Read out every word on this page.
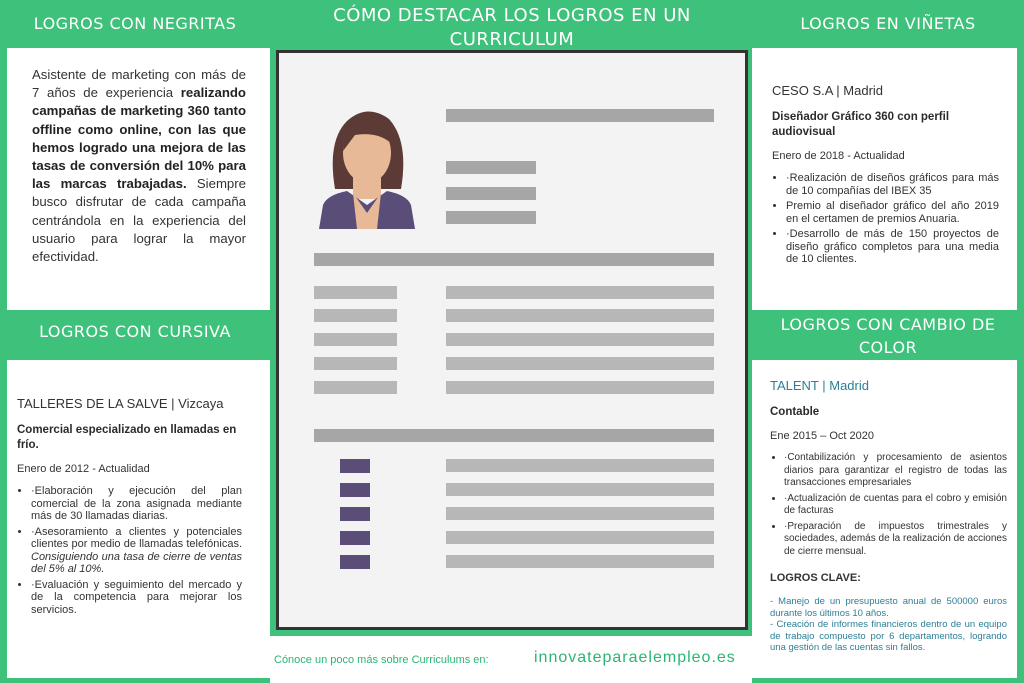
CÓMO DESTACAR LOS LOGROS EN UN CURRICULUM
LOGROS CON NEGRITAS	LOGROS EN VIÑETAS
LOGROS CON CURSIVA	LOGROS CON CAMBIO DE COLOR
Asistente de marketing con más de 7 años de experiencia realizando campañas de marketing 360 tanto offline como online, con las que hemos logrado una mejora de las tasas de conversión del 10% para las marcas trabajadas. Siempre busco disfrutar de cada campaña centrándola en la experiencia del usuario para lograr la mayor efectividad.

TALLERES DE LA SALVE | Vizcaya

Comercial especializado en llamadas en frío.

Enero de 2012 - Actualidad

• ·Elaboración y ejecución del plan comercial de la zona asignada mediante más de 30 llamadas diarias.
• ·Asesoramiento a clientes y potenciales clientes por medio de llamadas telefónicas. Consiguiendo una tasa de cierre de ventas del 5% al 10%.
• ·Evaluación y seguimiento del mercado y de la competencia para mejorar los servicios.

CESO S.A | Madrid

Diseñador Gráfico 360 con perfil audiovisual

Enero de 2018 - Actualidad

• ·Realización de diseños gráficos para más de 10 compañías del IBEX 35
• Premio al diseñador gráfico del año 2019 en el certamen de premios Anuaria.
• ·Desarrollo de más de 150 proyectos de diseño gráfico completos para una media de 10 clientes.

TALENT | Madrid

Contable

Ene 2015 – Oct 2020

• ·Contabilización y procesamiento de asientos diarios para garantizar el registro de todas las transacciones empresariales
• ·Actualización de cuentas para el cobro y emisión de facturas
• ·Preparación de impuestos trimestrales y sociedades, además de la realización de acciones de cierre mensual.

LOGROS CLAVE:

- Manejo de un presupuesto anual de 500000 euros durante los últimos 10 años.

- Creación de informes financieros dentro de un equipo de trabajo compuesto por 6 departamentos, logrando una gestión de las cuentas sin fallos.

Cónoce un poco más sobre Curriculums en:	innovateparaelempleo.es
